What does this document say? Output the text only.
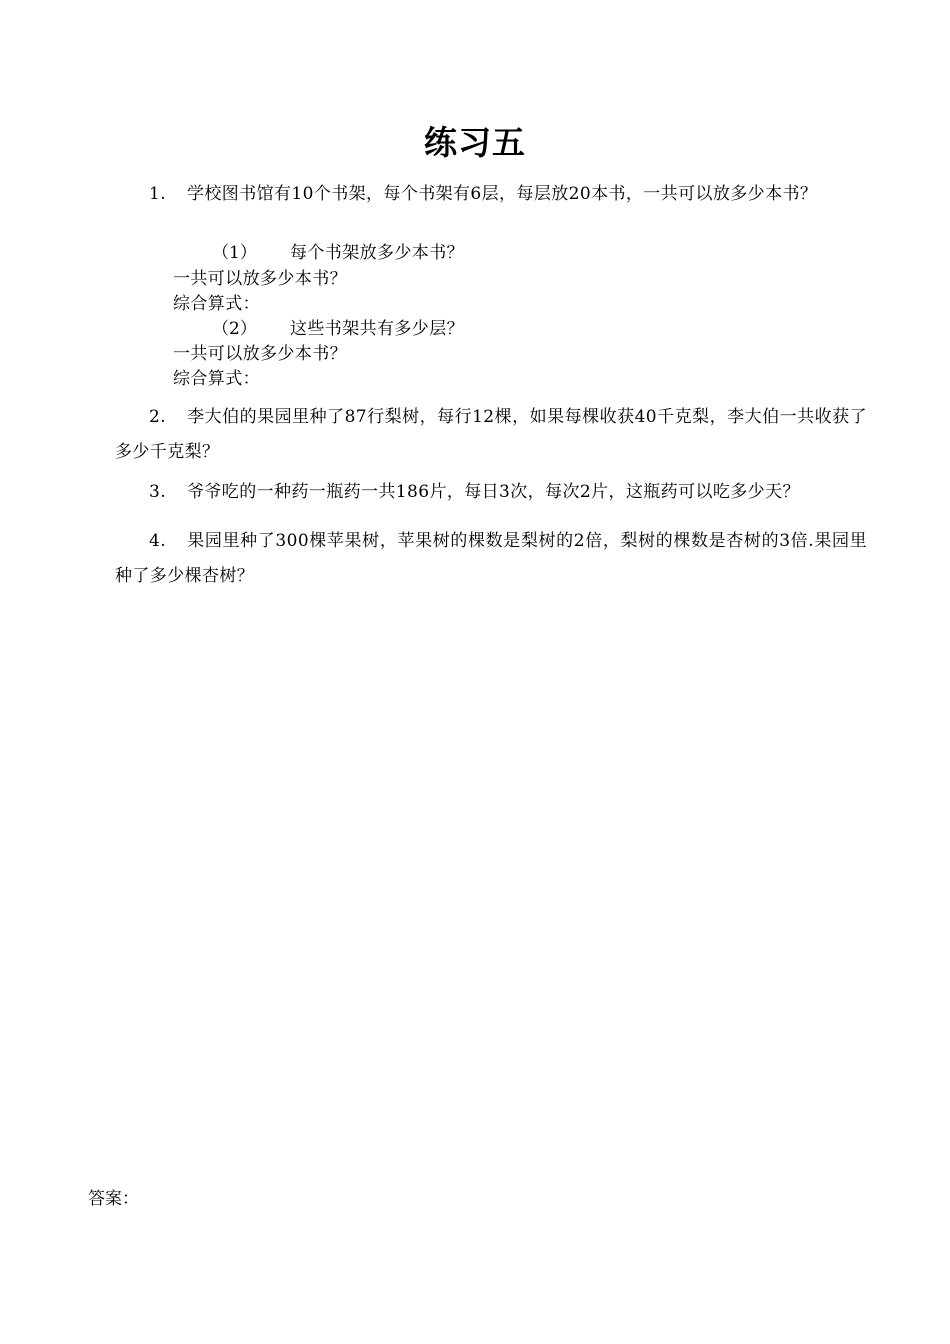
练习五
1. 学校图书馆有10个书架，每个书架有6层，每层放20本书，一共可以放多少本书？
（1） 每个书架放多少本书？
一共可以放多少本书？
综合算式：
（2） 这些书架共有多少层？
一共可以放多少本书？
综合算式：
2. 李大伯的果园里种了87行梨树，每行12棵，如果每棵收获40千克梨，李大伯一共收获了多少千克梨？
3. 爷爷吃的一种药一瓶药一共186片，每日3次，每次2片，这瓶药可以吃多少天？
4. 果园里种了300棵苹果树，苹果树的棵数是梨树的2倍，梨树的棵数是杏树的3倍.果园里种了多少棵杏树？
答案：
